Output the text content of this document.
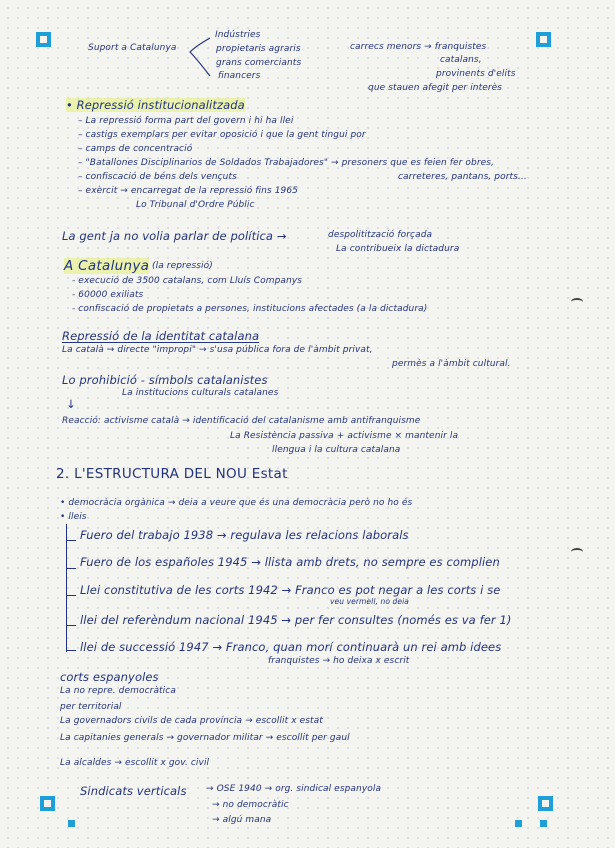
Suport a Catalunya
Indústries
propietaris agraris
grans comerciants
financers
carrecs menors → franquistes
catalans,
provinents d'elits
que stauen afegit per interès
• Repressió institucionalitzada
– La repressió forma part del govern i hi ha llei
– castigs exemplars per evitar oposició i que la gent tingui por
– camps de concentració
– "Batallones Disciplinarios de Soldados Trabajadores" → presoners que es feien fer obres,
– confiscació de béns dels vençuts
– exèrcit → encarregat de la repressió fins 1965
Lo Tribunal d'Ordre Públic
carreteres, pantans, ports...
La gent ja no volia parlar de política →	despolitització forçada
La contribueix la dictadura
A Catalunya (la repressió)
- execució de 3500 catalans, com Lluís Companys
- 60000 exiliats
- confiscació de propietats a persones, institucions afectades (a la dictadura)
Repressió de la identitat catalana
La català → directe "impropi" → s'usa pública fora de l'àmbit privat,
permès a l'àmbit cultural.
Lo prohibició - símbols catalanistes
La institucions culturals catalanes
↓
Reacció: activisme català → identificació del catalanisme amb antifranquisme
La Resistència passiva + activisme × mantenir la
llengua i la cultura catalana
2. L'ESTRUCTURA DEL NOU Estat
• democràcia orgànica → deia a veure que és una democràcia però no ho és
• lleis
Fuero del trabajo 1938 → regulava les relacions laborals
Fuero de los españoles 1945 → llista amb drets, no sempre es complien
Llei constitutiva de les corts 1942 → Franco es pot negar a les corts i se
veu vermell, no deia
llei del referèndum nacional 1945 → per fer consultes (només es va fer 1)
llei de successió 1947 → Franco, quan morí continuarà un rei amb idees
franquistes → ho deixa x escrit
corts espanyoles
La no repre. democràtica
per territorial
La governadors civils de cada província → escollit x estat
La capitanies generals → governador militar → escollit per gaul
La alcaldes → escollit x gov. civil
Sindicats verticals → OSE 1940 → org. sindical espanyola
→ no democràtic
→ algú mana
